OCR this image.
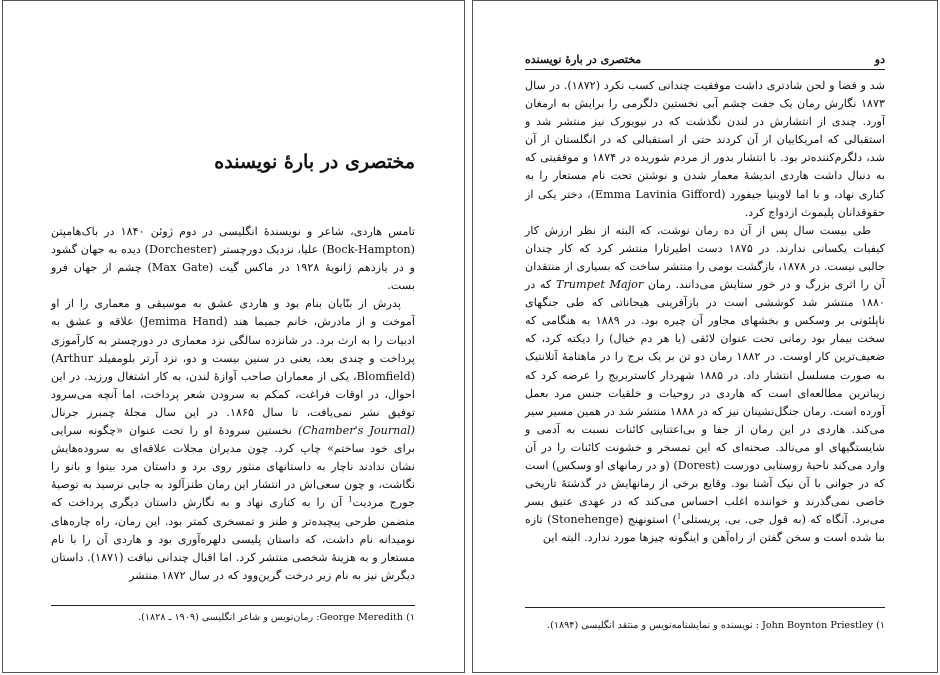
مختصری در بارهٔ نویسنده

تامس هاردی، شاعر و نویسندهٔ انگلیسی در دوم ژوئن ۱۸۴۰ در باک‌هامپتن (Bock-Hampton) علیا، نزدیک دورچستر (Dorchester) دیده به جهان گشود و در یازدهم ژانویهٔ ۱۹۲۸ در ماکس گیت (Max Gate) چشم از جهان فرو بست.

پدرش از بنّایان بنام بود و هاردی عشق به موسیقی و معماری را از او آموخت و از مادرش، خانم جمیما هند (Jemima Hand) علاقه و عشق به ادبیات را به ارث برد. در شانزده سالگی نزد معماری در دورچستر به کارآموزی پرداخت و چندی بعد، یعنی در سنین بیست و دو، نزد آرتر بلومفیلد (Arthur Blomfield)، یکی از معماران صاحب آوازهٔ لندن، به کار اشتغال ورزید. در این احوال، در اوقات فراغت، کمکم به سرودن شعر پرداخت، اما آنچه می‌سرود توفیق نشر نمی‌یافت، تا سال ۱۸۶۵. در این سال مجلهٔ چمبرز جرنال (Chamber's Journal) نخستین سرودهٔ او را تحت عنوان «چگونه سرایی برای خود ساختم» چاپ کرد. چون مدیران مجلات علاقه‌ای به سروده‌هایش نشان ندادند ناچار به داستانهای منثور روی برد و داستان مرد بینوا و بانو را نگاشت، و چون سعی‌اش در انتشار این رمان طنزآلود به جایی نرسید به توصیهٔ جورج مردیت$^1$ آن را به کناری نهاد و به نگارش داستان دیگری پرداخت که متضمن طرحی پیچیده‌تر و طنز و تمسخری کمتر بود. این رمان، راه چاره‌های نومیدانه نام داشت، که داستان پلیسی دلهره‌آوری بود و هاردی آن را با نام مستعار و به هزینهٔ شخصی منتشر کرد. اما اقبال چندانی نیافت (۱۸۷۱). داستان دیگرش نیز به نام زیر درخت گرین‌وود که در سال ۱۸۷۲ منتشر

۱) George Meredith: رمان‌نویس و شاعر انگلیسی (۱۹۰۹ ـ ۱۸۲۸).
دو
مختصری در بارهٔ نویسنده

شد و فضا و لحن شادتری داشت موفقیت چندانی کسب نکرد (۱۸۷۲). در سال ۱۸۷۳ نگارش رمان یک جفت چشم آبی نخستین دلگرمی را برایش به ارمغان آورد. چندی از انتشارش در لندن نگذشت که در نیویورک نیز منتشر شد و استقبالی که امریکاییان از آن کردند حتی از استقبالی که در انگلستان از آن شد، دلگرم‌کننده‌تر بود. با انتشار بدور از مردم شوریده در ۱۸۷۴ و موفقیتی که به دنبال داشت هاردی اندیشهٔ معمار شدن و نوشتن تحت نام مستعار را به کناری نهاد، و با اما لاوینیا جیفورد (Emma Lavinia Gifford)، دختر یکی از حقوقدانان پلیموث ازدواج کرد.

طی بیست سال پس از آن ده رمان نوشت، که البته از نظر ارزش کار کیفیات یکسانی ندارند. در ۱۸۷۵ دست اطیرتارا منتشر کرد که کار چندان جالبی نیست. در ۱۸۷۸، بازگشت بومی را منتشر ساخت که بسیاری از منتقدان آن را اثری بزرگ و در خور ستایش می‌دانند. رمان Trumpet Major که در ۱۸۸۰ منتشر شد کوششی است در بازآفرینی هیجاناتی که طی جنگهای ناپلئونی بر وسکس و بخشهای مجاور آن چیره بود. در ۱۸۸۹ به هنگامی که سخت بیمار بود رمانی تحت عنوان لائقی (یا هر دم خیال) را دیکته کرد، که ضعیف‌ترین کار اوست. در ۱۸۸۲ رمان دو تن بر یک برج را در ماهنامهٔ آتلانتیک به صورت مسلسل انتشار داد. در ۱۸۸۵ شهردار کاستربریج را عرضه کرد که زیباترین مطالعه‌ای است که هاردی در روحیات و خلقیات جنس مرد بعمل آورده است. رمان جنگل‌نشینان نیز که در ۱۸۸۸ منتشر شد در همین مسیر سیر می‌کند. هاردی در این رمان از جفا و بی‌اعتنایی کائنات نسبت به آدمی و شایستگیهای او می‌نالد. صحنه‌ای که این تمسخر و خشونت کائنات را در آن وارد می‌کند ناحیهٔ روستایی دورست (Dorest) (و در رمانهای او وسکس) است که در جوانی با آن نیک آشنا بود. وقایع برخی از رمانهایش در گذشتهٔ تاریخی خاصی نمی‌گذرند و خواننده اغلب احساس می‌کند که در عهدی عتیق بسر می‌برد. آنگاه که (به قول جی. بی. پریستلی$^1$) استونهنج (Stonehenge) تازه بنا شده است و سخن گفتن از راه‌آهن و اینگونه چیزها مورد ندارد. البته این

۱) John Boynton Priestley : نویسنده و نمایشنامه‌نویس و منتقد انگلیسی (۱۸۹۴).
